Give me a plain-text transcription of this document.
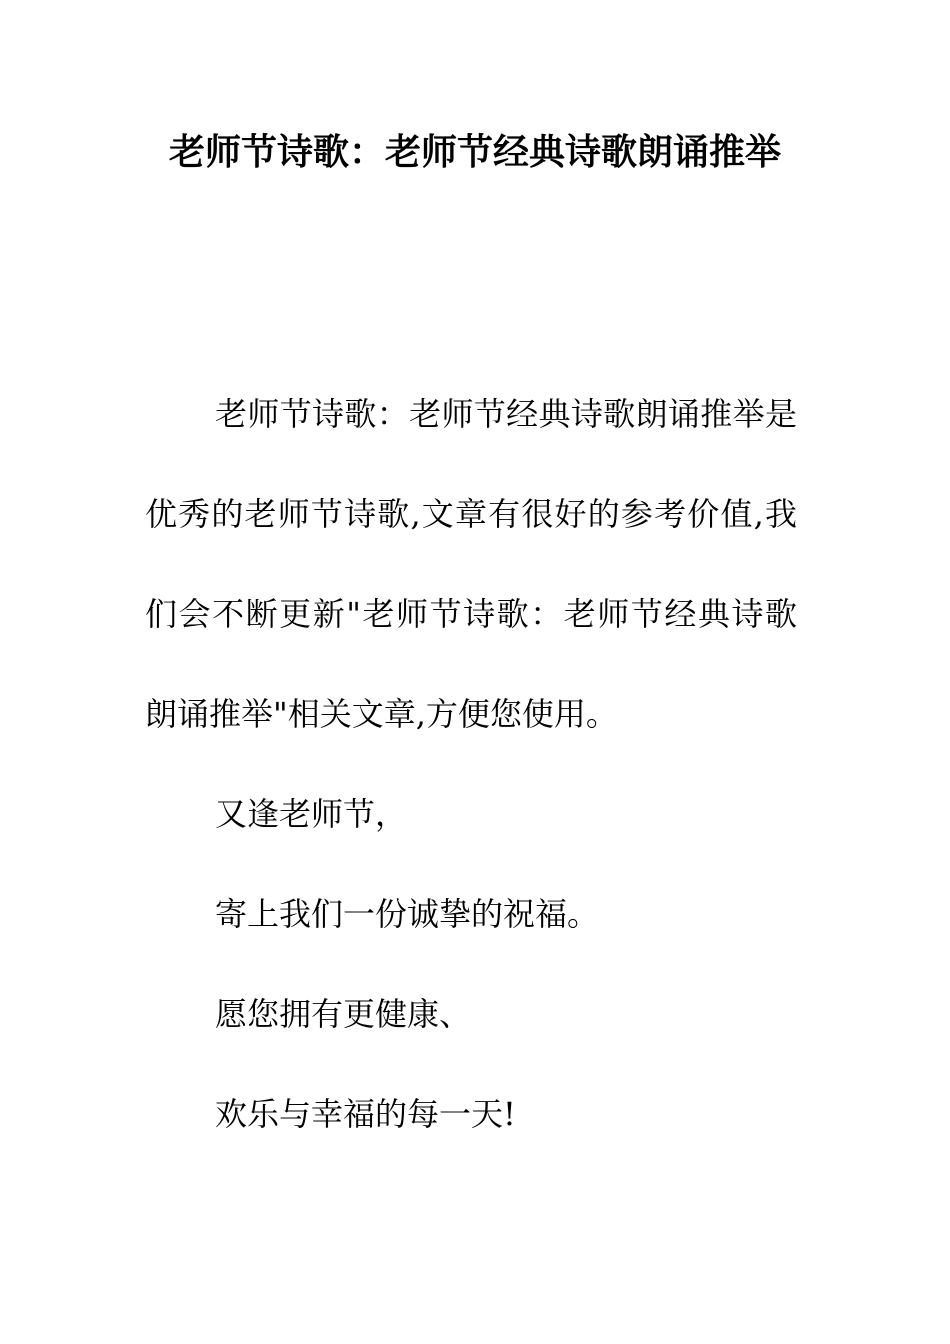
老师节诗歌：老师节经典诗歌朗诵推举

老师节诗歌：老师节经典诗歌朗诵推举是优秀的老师节诗歌,文章有很好的参考价值,我们会不断更新"老师节诗歌：老师节经典诗歌朗诵推举"相关文章,方便您使用。

又逢老师节，

寄上我们一份诚挚的祝福。

愿您拥有更健康、

欢乐与幸福的每一天!
